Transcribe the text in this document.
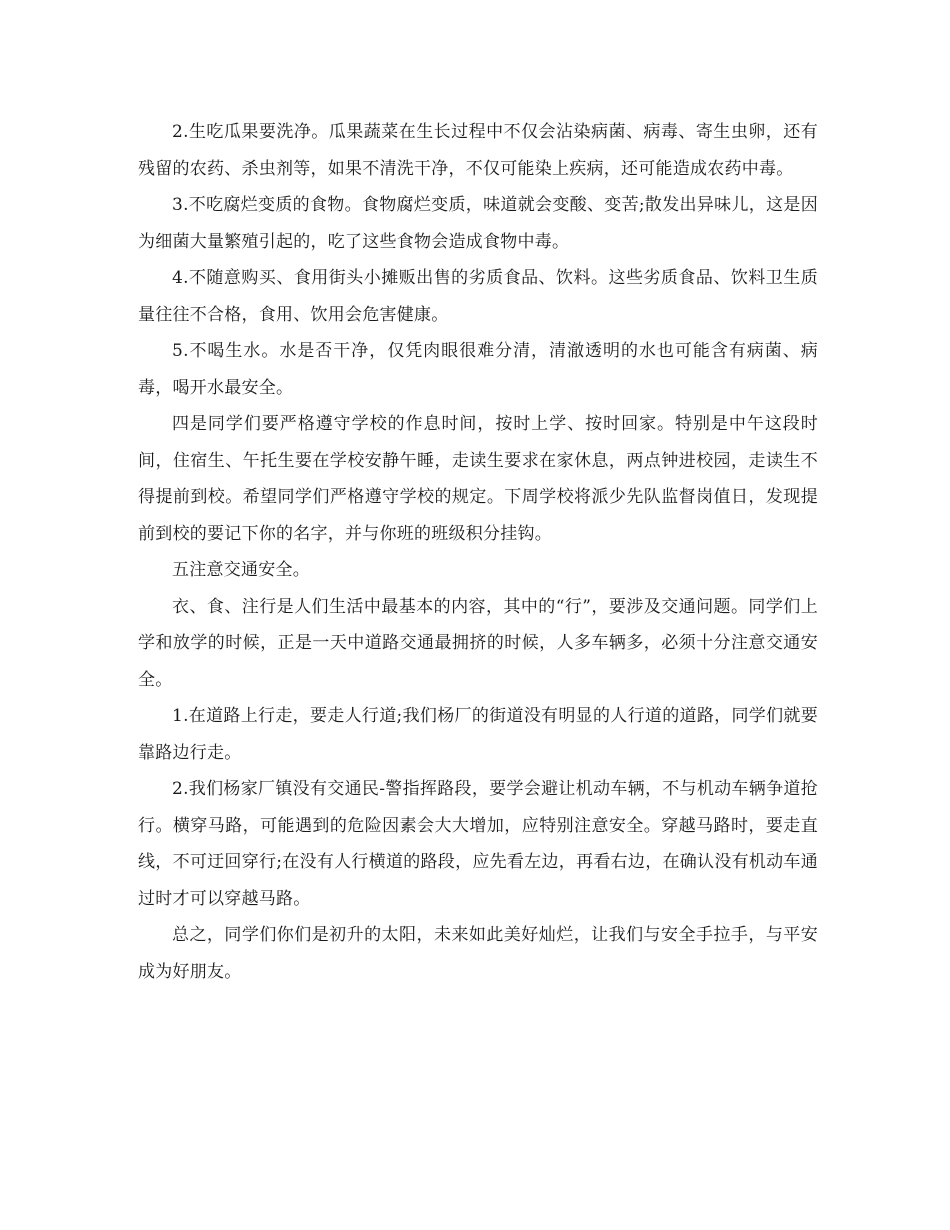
2.生吃瓜果要洗净。瓜果蔬菜在生长过程中不仅会沾染病菌、病毒、寄生虫卵，还有残留的农药、杀虫剂等，如果不清洗干净，不仅可能染上疾病，还可能造成农药中毒。

3.不吃腐烂变质的食物。食物腐烂变质，味道就会变酸、变苦;散发出异味儿，这是因为细菌大量繁殖引起的，吃了这些食物会造成食物中毒。

4.不随意购买、食用街头小摊贩出售的劣质食品、饮料。这些劣质食品、饮料卫生质量往往不合格，食用、饮用会危害健康。

5.不喝生水。水是否干净，仅凭肉眼很难分清，清澈透明的水也可能含有病菌、病毒，喝开水最安全。

四是同学们要严格遵守学校的作息时间，按时上学、按时回家。特别是中午这段时间，住宿生、午托生要在学校安静午睡，走读生要求在家休息，两点钟进校园，走读生不得提前到校。希望同学们严格遵守学校的规定。下周学校将派少先队监督岗值日，发现提前到校的要记下你的名字，并与你班的班级积分挂钩。

五注意交通安全。

衣、食、注行是人们生活中最基本的内容，其中的“行”，要涉及交通问题。同学们上学和放学的时候，正是一天中道路交通最拥挤的时候，人多车辆多，必须十分注意交通安全。

1.在道路上行走，要走人行道;我们杨厂的街道没有明显的人行道的道路，同学们就要靠路边行走。

2.我们杨家厂镇没有交通民-警指挥路段，要学会避让机动车辆，不与机动车辆争道抢行。横穿马路，可能遇到的危险因素会大大增加，应特别注意安全。穿越马路时，要走直线，不可迂回穿行;在没有人行横道的路段，应先看左边，再看右边，在确认没有机动车通过时才可以穿越马路。

总之，同学们你们是初升的太阳，未来如此美好灿烂，让我们与安全手拉手，与平安成为好朋友。
